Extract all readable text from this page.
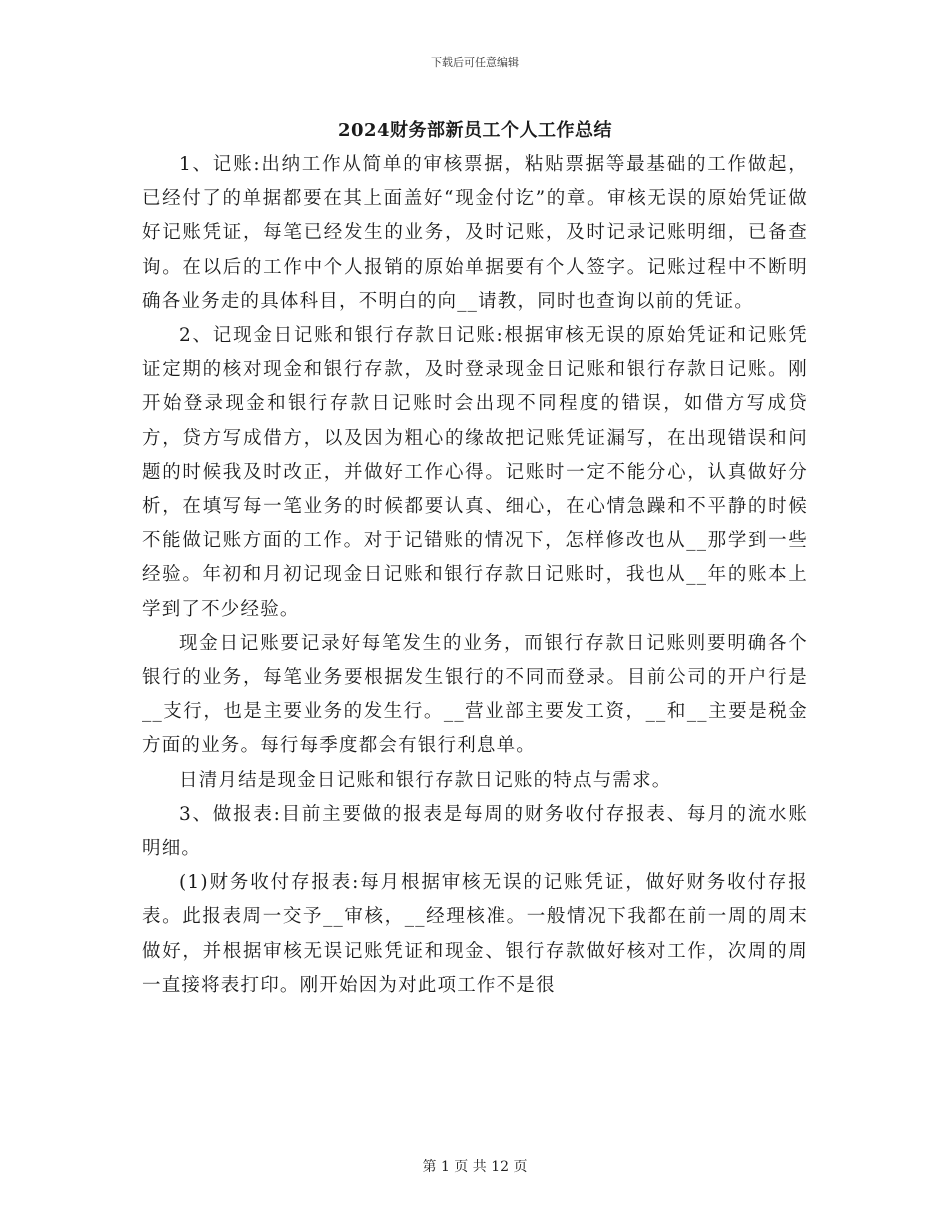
下载后可任意编辑
2024财务部新员工个人工作总结

1、记账:出纳工作从简单的审核票据，粘贴票据等最基础的工作做起，已经付了的单据都要在其上面盖好“现金付讫”的章。审核无误的原始凭证做好记账凭证，每笔已经发生的业务，及时记账，及时记录记账明细，已备查询。在以后的工作中个人报销的原始单据要有个人签字。记账过程中不断明确各业务走的具体科目，不明白的向__请教，同时也查询以前的凭证。

2、记现金日记账和银行存款日记账:根据审核无误的原始凭证和记账凭证定期的核对现金和银行存款，及时登录现金日记账和银行存款日记账。刚开始登录现金和银行存款日记账时会出现不同程度的错误，如借方写成贷方，贷方写成借方，以及因为粗心的缘故把记账凭证漏写，在出现错误和问题的时候我及时改正，并做好工作心得。记账时一定不能分心，认真做好分析，在填写每一笔业务的时候都要认真、细心，在心情急躁和不平静的时候不能做记账方面的工作。对于记错账的情况下，怎样修改也从__那学到一些经验。年初和月初记现金日记账和银行存款日记账时，我也从__年的账本上学到了不少经验。

现金日记账要记录好每笔发生的业务，而银行存款日记账则要明确各个银行的业务，每笔业务要根据发生银行的不同而登录。目前公司的开户行是__支行，也是主要业务的发生行。__营业部主要发工资，__和__主要是税金方面的业务。每行每季度都会有银行利息单。

日清月结是现金日记账和银行存款日记账的特点与需求。

3、做报表:目前主要做的报表是每周的财务收付存报表、每月的流水账明细。

(1)财务收付存报表:每月根据审核无误的记账凭证，做好财务收付存报表。此报表周一交予__审核，__经理核准。一般情况下我都在前一周的周末做好，并根据审核无误记账凭证和现金、银行存款做好核对工作，次周的周一直接将表打印。刚开始因为对此项工作不是很

第 1 页 共 12 页
